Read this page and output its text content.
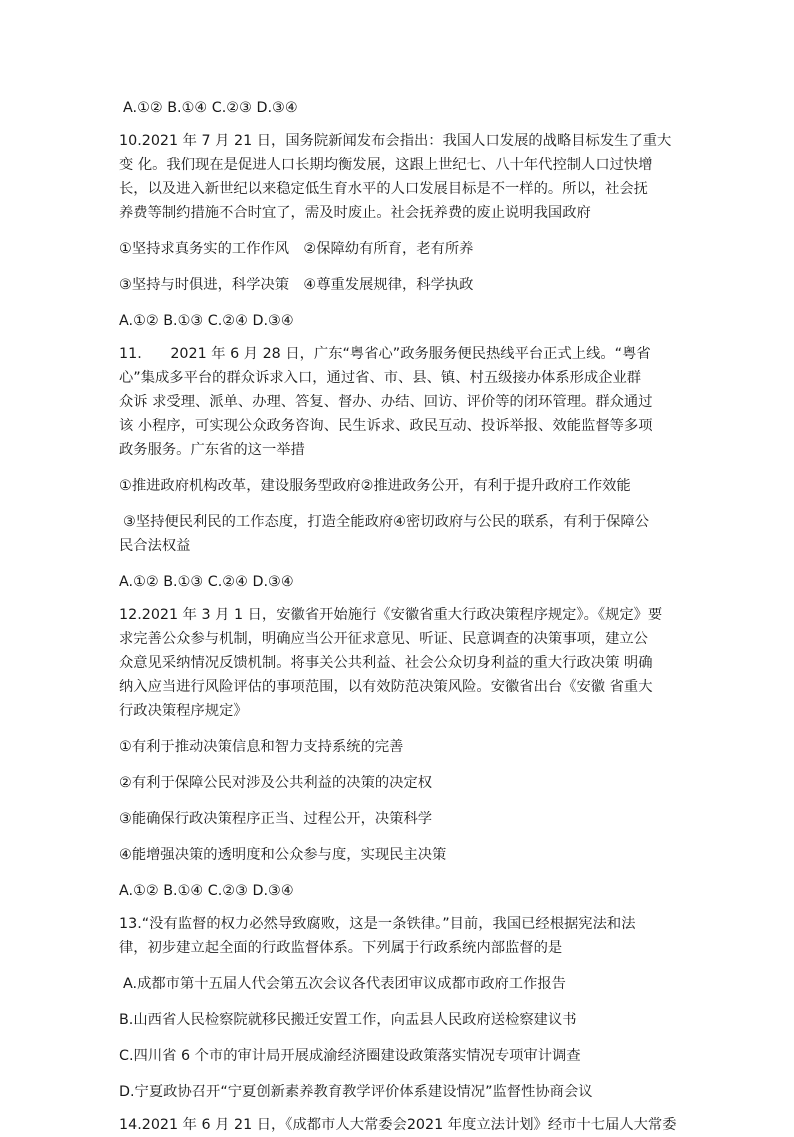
A.①② B.①④ C.②③ D.③④
10.2021 年 7 月 21 日，国务院新闻发布会指出：我国人口发展的战略目标发生了重大
变 化。我们现在是促进人口长期均衡发展，这跟上世纪七、八十年代控制人口过快增
长，以及进入新世纪以来稳定低生育水平的人口发展目标是不一样的。所以，社会抚
养费等制约措施不合时宜了，需及时废止。社会抚养费的废止说明我国政府
①坚持求真务实的工作作风　②保障幼有所育，老有所养
③坚持与时俱进，科学决策　④尊重发展规律，科学执政
A.①② B.①③ C.②④ D.③④
11.　　2021 年 6 月 28 日，广东“粤省心”政务服务便民热线平台正式上线。“粤省
心”集成多平台的群众诉求入口，通过省、市、县、镇、村五级接办体系形成企业群
众诉 求受理、派单、办理、答复、督办、办结、回访、评价等的闭环管理。群众通过
该 小程序，可实现公众政务咨询、民生诉求、政民互动、投诉举报、效能监督等多项
政务服务。广东省的这一举措
①推进政府机构改革，建设服务型政府②推进政务公开，有利于提升政府工作效能
③坚持便民利民的工作态度，打造全能政府④密切政府与公民的联系，有利于保障公
民合法权益
A.①② B.①③ C.②④ D.③④
12.2021 年 3 月 1 日，安徽省开始施行《安徽省重大行政决策程序规定》。《规定》要
求完善公众参与机制，明确应当公开征求意见、听证、民意调查的决策事项，建立公
众意见采纳情况反馈机制。将事关公共利益、社会公众切身利益的重大行政决策 明确
纳入应当进行风险评估的事项范围，以有效防范决策风险。安徽省出台《安徽 省重大
行政决策程序规定》
①有利于推动决策信息和智力支持系统的完善
②有利于保障公民对涉及公共利益的决策的决定权
③能确保行政决策程序正当、过程公开，决策科学
④能增强决策的透明度和公众参与度，实现民主决策
A.①② B.①④ C.②③ D.③④
13.“没有监督的权力必然导致腐败，这是一条铁律。”目前，我国已经根据宪法和法
律，初步建立起全面的行政监督体系。下列属于行政系统内部监督的是
A.成都市第十五届人代会第五次会议各代表团审议成都市政府工作报告
B.山西省人民检察院就移民搬迁安置工作，向盂县人民政府送检察建议书
C.四川省 6 个市的审计局开展成渝经济圈建设政策落实情况专项审计调查
D.宁夏政协召开“宁夏创新素养教育教学评价体系建设情况”监督性协商会议
14.2021 年 6 月 21 日，《成都市人大常委会2021 年度立法计划》经市十七届人大常委
